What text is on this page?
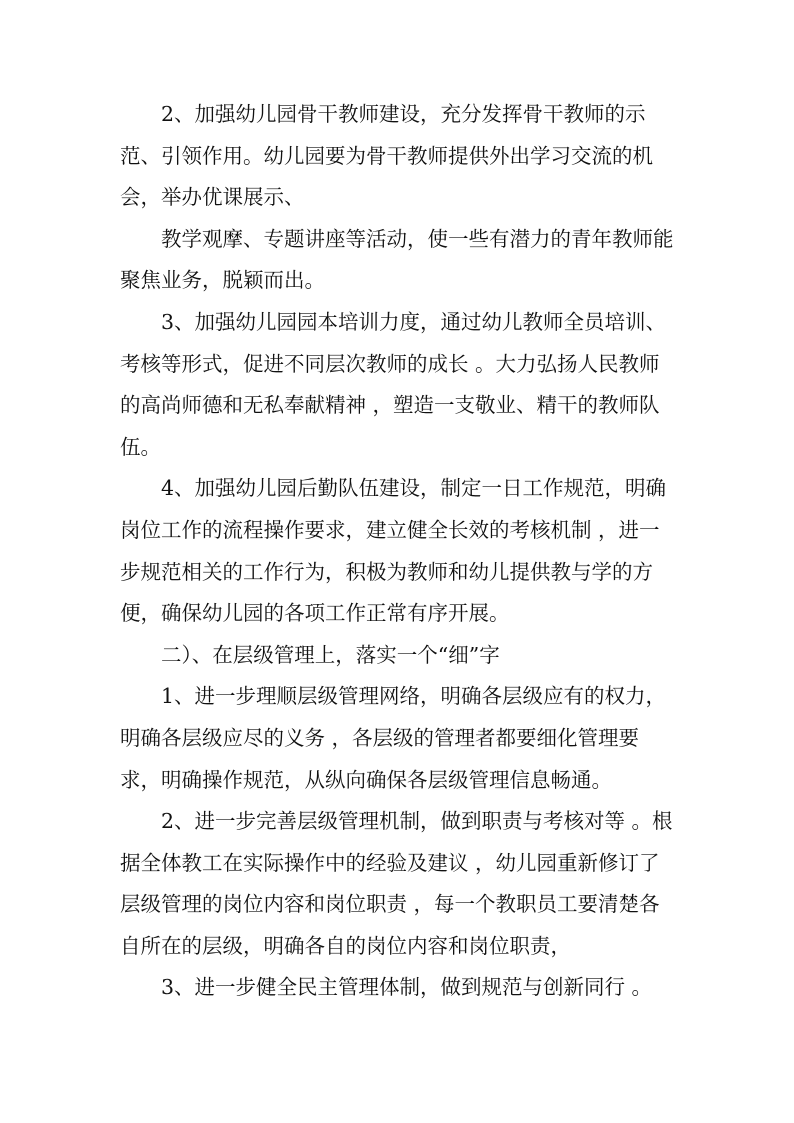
2、加强幼儿园骨干教师建设，充分发挥骨干教师的示范、引领作用。幼儿园要为骨干教师提供外出学习交流的机会，举办优课展示、

教学观摩、专题讲座等活动，使一些有潜力的青年教师能聚焦业务，脱颖而出。

3、加强幼儿园园本培训力度，通过幼儿教师全员培训、考核等形式，促进不同层次教师的成长 。大力弘扬人民教师的高尚师德和无私奉献精神 ，塑造一支敬业、精干的教师队伍。

4、加强幼儿园后勤队伍建设，制定一日工作规范，明确岗位工作的流程操作要求，建立健全长效的考核机制 ，进一步规范相关的工作行为，积极为教师和幼儿提供教与学的方便，确保幼儿园的各项工作正常有序开展。

二）、在层级管理上，落实一个“细”字

1、进一步理顺层级管理网络，明确各层级应有的权力，明确各层级应尽的义务 ，各层级的管理者都要细化管理要求，明确操作规范，从纵向确保各层级管理信息畅通。

2、进一步完善层级管理机制，做到职责与考核对等 。根据全体教工在实际操作中的经验及建议 ，幼儿园重新修订了层级管理的岗位内容和岗位职责 ，每一个教职员工要清楚各自所在的层级，明确各自的岗位内容和岗位职责，

3、进一步健全民主管理体制，做到规范与创新同行 。
